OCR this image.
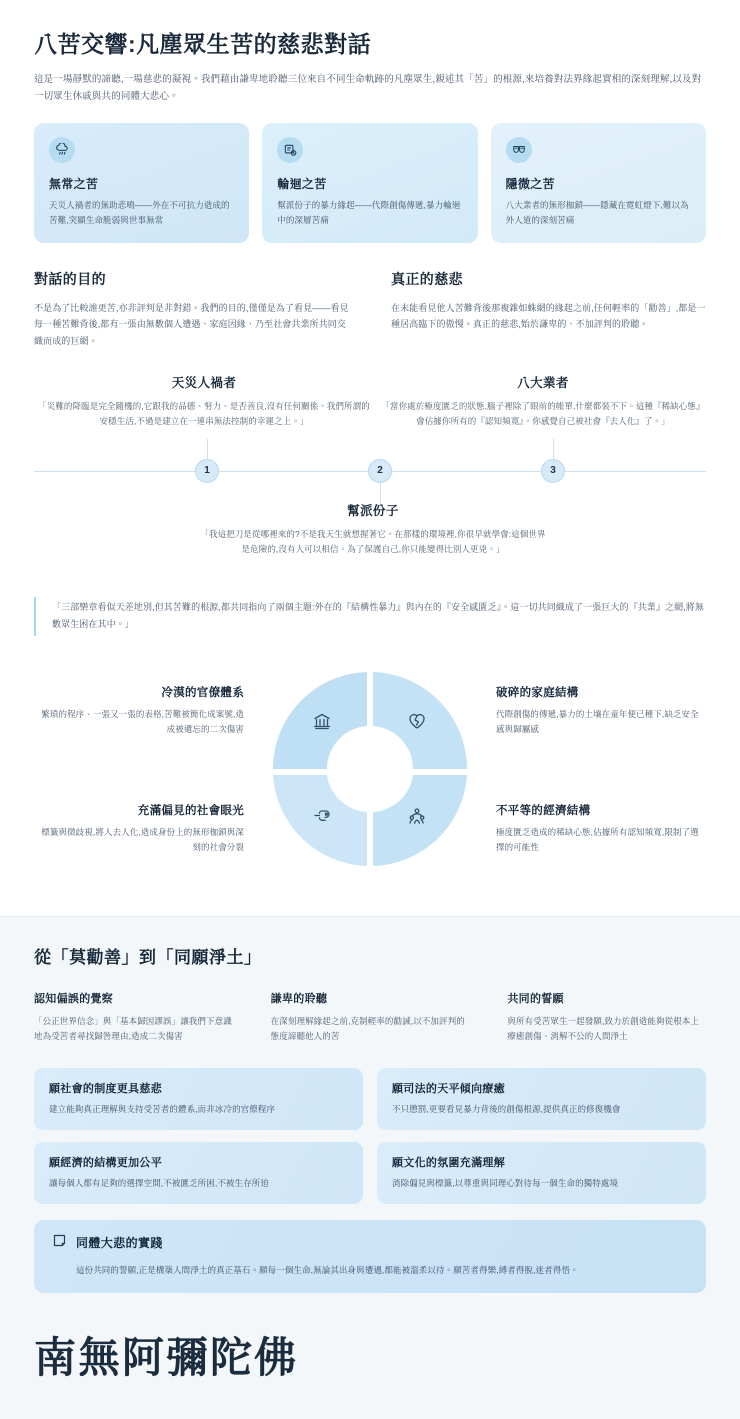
八苦交響:凡塵眾生苦的慈悲對話

這是一場靜默的諦聽,一場慈悲的凝視。我們藉由謙卑地聆聽三位來自不同生命軌跡的凡塵眾生,親述其「苦」的根源,來培養對法界緣起實相的深刻理解,以及對一切眾生休戚與共的同體大悲心。

無常之苦
天災人禍者的無助悲鳴——外在不可抗力造成的苦難,突顯生命脆弱與世事無常
輪迴之苦
幫派份子的暴力緣起——代際創傷傳遞,暴力輪迴中的深層苦痛
隱微之苦
八大業者的無形枷鎖——隱藏在霓虹燈下,難以為外人道的深刻苦痛
對話的目的
不是為了比較誰更苦,亦非評判是非對錯。我們的目的,僅僅是為了看見——看見每一種苦難背後,都有一張由無數個人遭遇、家庭因緣、乃至社會共業所共同交織而成的巨網。
真正的慈悲
在未能看見他人苦難背後那複雜如蛛網的緣起之前,任何輕率的「勸善」,都是一種居高臨下的傲慢。真正的慈悲,始於謙卑的、不加評判的聆聽。
1	2	3
天災人禍者
「災難的降臨是完全隨機的,它跟我的品德、努力、是否善良,沒有任何關係。我們所謂的安穩生活,不過是建立在一連串無法控制的幸運之上。」
八大業者
「當你處於極度匱乏的狀態,腦子裡除了眼前的帳單,什麼都裝不下。這種『稀缺心態』會佔據你所有的『認知頻寬』。你感覺自己被社會『去人化』了。」
幫派份子
「我這把刀是從哪裡來的?不是我天生就想握著它。在那樣的環境裡,你很早就學會:這個世界是危險的,沒有人可以相信。為了保護自己,你只能變得比別人更兇。」
「三部樂章看似天差地別,但其苦難的根源,都共同指向了兩個主題:外在的『結構性暴力』與內在的『安全感匱乏』。這一切共同織成了一張巨大的『共業』之網,將無數眾生困在其中。」
冷漠的官僚體系
繁瑣的程序、一張又一張的表格,苦難被簡化成案號,造成被遺忘的二次傷害
破碎的家庭結構
代際創傷的傳遞,暴力的土壤在童年便已種下,缺乏安全感與歸屬感
充滿偏見的社會眼光
標籤與微歧視,將人去人化,造成身份上的無形枷鎖與深刻的社會分裂
不平等的經濟結構
極度匱乏造成的稀缺心態,佔據所有認知頻寬,限制了選擇的可能性
從「莫勸善」到「同願淨土」
認知偏誤的覺察
「公正世界信念」與「基本歸因謬誤」讓我們下意識地為受苦者尋找歸咎理由,造成二次傷害
謙卑的聆聽
在深刻理解緣起之前,克制輕率的勸誡,以不加評判的態度諦聽他人的苦
共同的誓願
與所有受苦眾生一起發願,致力於創造能夠從根本上療癒創傷、消解不公的人間淨土
願社會的制度更具慈悲
建立能夠真正理解與支持受苦者的體系,而非冰冷的官僚程序
願司法的天平傾向療癒
不只懲罰,更要看見暴力背後的創傷根源,提供真正的修復機會
願經濟的結構更加公平
讓每個人都有足夠的選擇空間,不被匱乏所困,不被生存所迫
願文化的氛圍充滿理解
消除偏見與標籤,以尊重與同理心對待每一個生命的獨特處境
同體大悲的實踐
這份共同的誓願,正是構築人間淨土的真正基石。願每一個生命,無論其出身與遭遇,都能被溫柔以待。願苦者得樂,縛者得脫,迷者得悟。
南無阿彌陀佛
